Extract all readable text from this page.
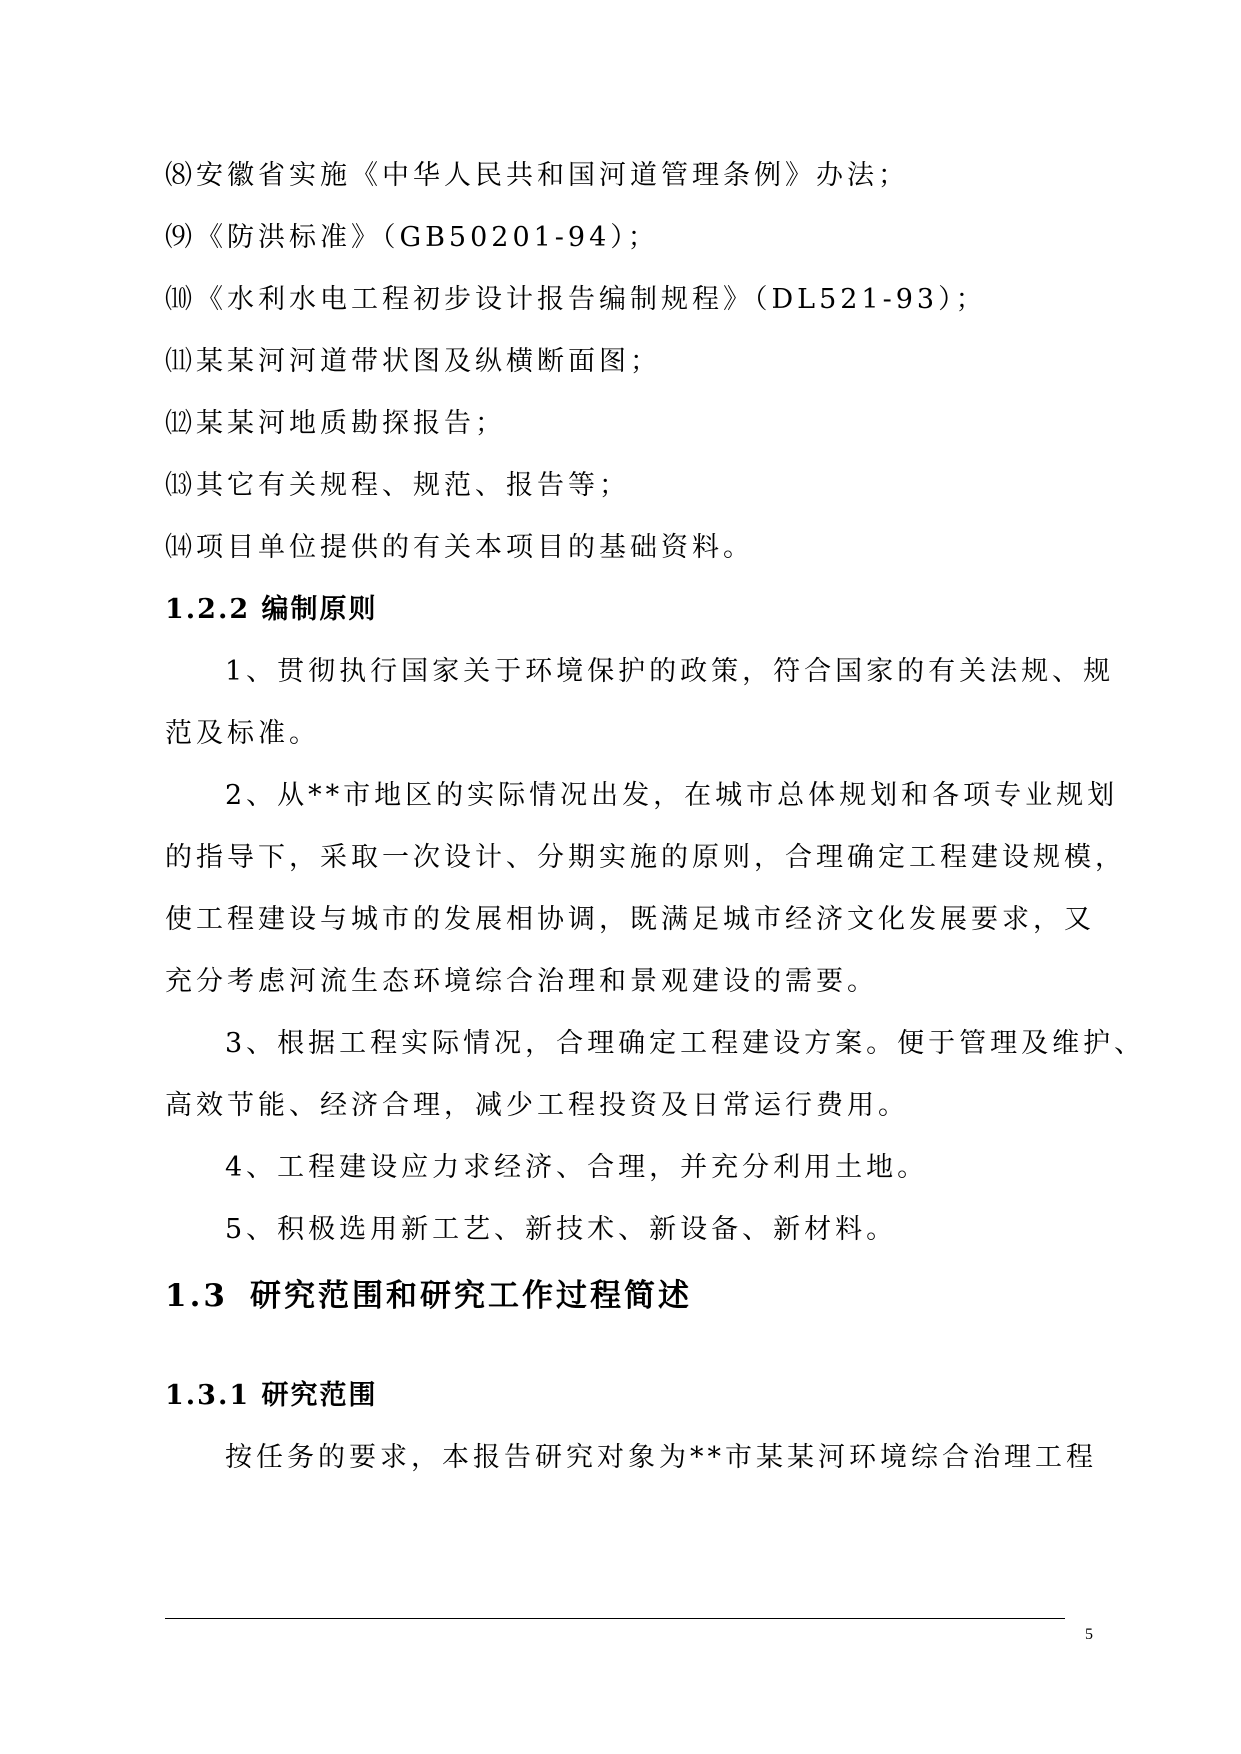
⑻安徽省实施《中华人民共和国河道管理条例》办法；
⑼《防洪标准》（GB50201-94）；
⑽《水利水电工程初步设计报告编制规程》（DL521-93）；
⑾某某河河道带状图及纵横断面图；
⑿某某河地质勘探报告；
⒀其它有关规程、规范、报告等；
⒁项目单位提供的有关本项目的基础资料。
1.2.2 编制原则
1、贯彻执行国家关于环境保护的政策，符合国家的有关法规、规
范及标准。
2、从**市地区的实际情况出发，在城市总体规划和各项专业规划
的指导下，采取一次设计、分期实施的原则，合理确定工程建设规模，
使工程建设与城市的发展相协调，既满足城市经济文化发展要求，又
充分考虑河流生态环境综合治理和景观建设的需要。
3、根据工程实际情况，合理确定工程建设方案。便于管理及维护、
高效节能、经济合理，减少工程投资及日常运行费用。
4、工程建设应力求经济、合理，并充分利用土地。
5、积极选用新工艺、新技术、新设备、新材料。
1.3 研究范围和研究工作过程简述
1.3.1 研究范围
按任务的要求，本报告研究对象为**市某某河环境综合治理工程
5
